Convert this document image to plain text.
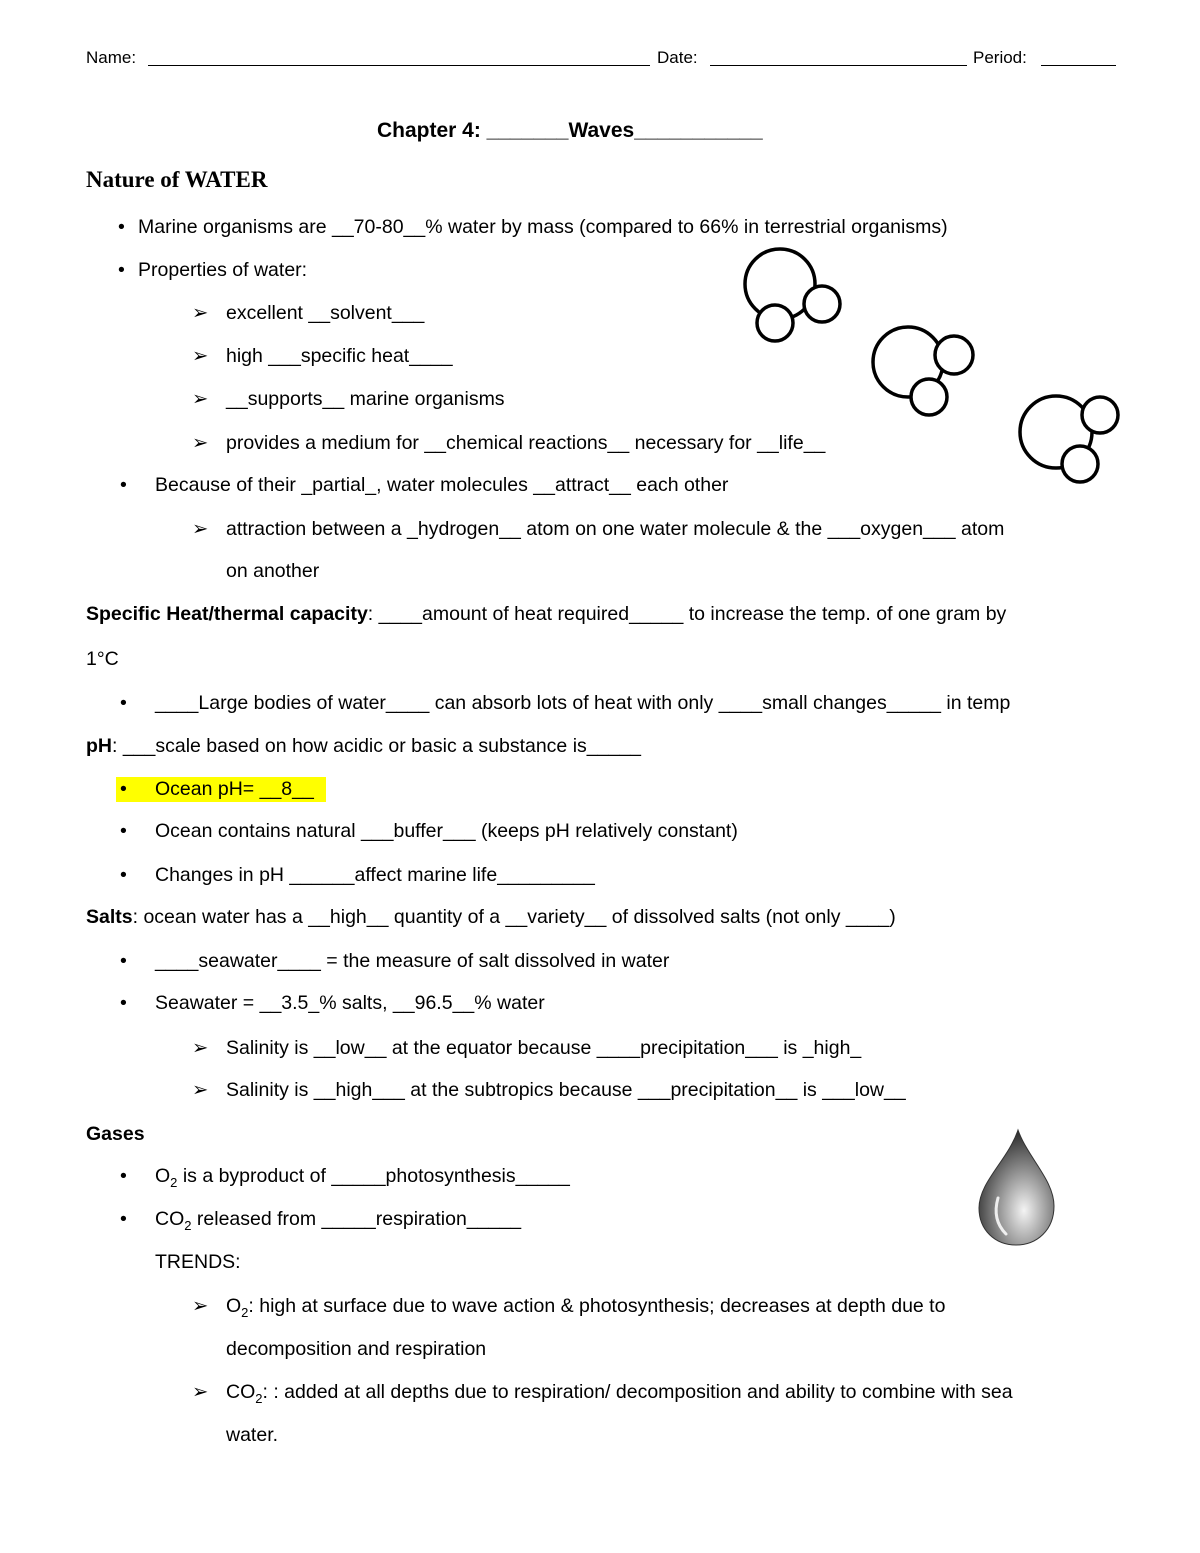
Name:	Date:	Period:
Chapter 4: _______Waves___________
Nature of WATER
• Marine organisms are __70-80__% water by mass (compared to 66% in terrestrial organisms)
• Properties of water:
➢ excellent __solvent___
➢ high ___specific heat____
➢ __supports__ marine organisms
➢ provides a medium for __chemical reactions__ necessary for __life__
• Because of their _partial_, water molecules __attract__ each other
➢ attraction between a _hydrogen__ atom on one water molecule & the ___oxygen___ atom
on another
Specific Heat/thermal capacity: ____amount of heat required_____ to increase the temp. of one gram by
1°C
• ____Large bodies of water____ can absorb lots of heat with only ____small changes_____ in temp
pH: ___scale based on how acidic or basic a substance is_____
• Ocean pH= __8__
• Ocean contains natural ___buffer___ (keeps pH relatively constant)
• Changes in pH ______affect marine life_________
Salts: ocean water has a __high__ quantity of a __variety__ of dissolved salts (not only ____)
• ____seawater____ = the measure of salt dissolved in water
• Seawater = __3.5_% salts, __96.5__% water
➢ Salinity is __low__ at the equator because ____precipitation___ is _high_
➢ Salinity is __high___ at the subtropics because ___precipitation__ is ___low__
Gases
• $O_2$ is a byproduct of _____photosynthesis_____
• $CO_2$ released from _____respiration_____
TRENDS:
➢ $O_2$: high at surface due to wave action & photosynthesis; decreases at depth due to
decomposition and respiration
➢ $CO_2$: : added at all depths due to respiration/ decomposition and ability to combine with sea
water.
